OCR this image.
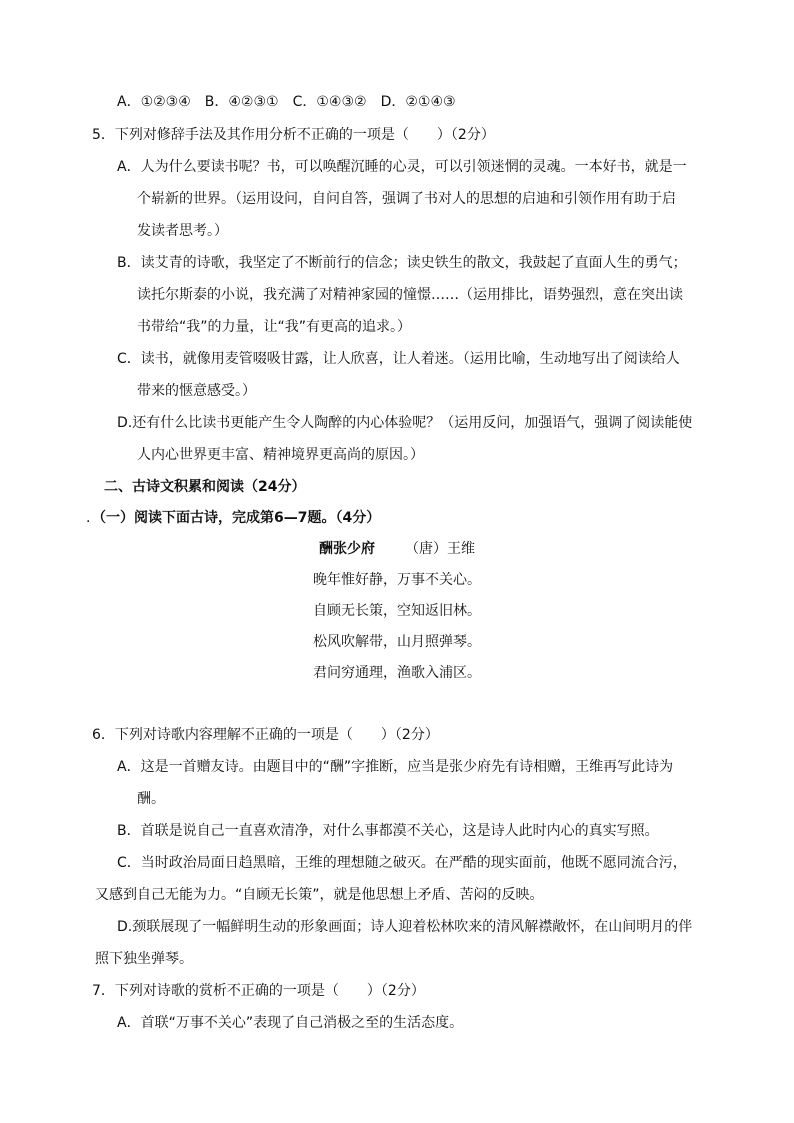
A．①②③④　B．④②③①　C．①④③②　D．②①④③
5．下列对修辞手法及其作用分析不正确的一项是（　　）（2分）
A．人为什么要读书呢？书，可以唤醒沉睡的心灵，可以引领迷惘的灵魂。一本好书，就是一
个崭新的世界。（运用设问，自问自答，强调了书对人的思想的启迪和引领作用有助于启
发读者思考。）
B．读艾青的诗歌，我坚定了不断前行的信念；读史铁生的散文，我鼓起了直面人生的勇气；
读托尔斯泰的小说，我充满了对精神家园的憧憬……（运用排比，语势强烈，意在突出读
书带给“我”的力量，让“我”有更高的追求。）
C．读书，就像用麦管啜吸甘露，让人欣喜，让人着迷。（运用比喻，生动地写出了阅读给人
带来的惬意感受。）
D.还有什么比读书更能产生令人陶醉的内心体验呢？（运用反问，加强语气，强调了阅读能使
人内心世界更丰富、精神境界更高尚的原因。）
二、古诗文积累和阅读（24分）
. （一）阅读下面古诗，完成第6—7题。（4分）
酬张少府 （唐）王维
晚年惟好静，万事不关心。
自顾无长策，空知返旧林。
松风吹解带，山月照弹琴。
君问穷通理，渔歌入浦区。
6．下列对诗歌内容理解不正确的一项是（　　）（2分）
A．这是一首赠友诗。由题目中的“酬”字推断，应当是张少府先有诗相赠，王维再写此诗为
酬。
B．首联是说自己一直喜欢清净，对什么事都漠不关心，这是诗人此时内心的真实写照。
C．当时政治局面日趋黑暗，王维的理想随之破灭。在严酷的现实面前，他既不愿同流合污，
又感到自己无能为力。“自顾无长策”，就是他思想上矛盾、苦闷的反映。
D.颈联展现了一幅鲜明生动的形象画面；诗人迎着松林吹来的清风解襟敞怀，在山间明月的伴
照下独坐弹琴。
7．下列对诗歌的赏析不正确的一项是（　　）（2分）
A．首联“万事不关心”表现了自己消极之至的生活态度。
